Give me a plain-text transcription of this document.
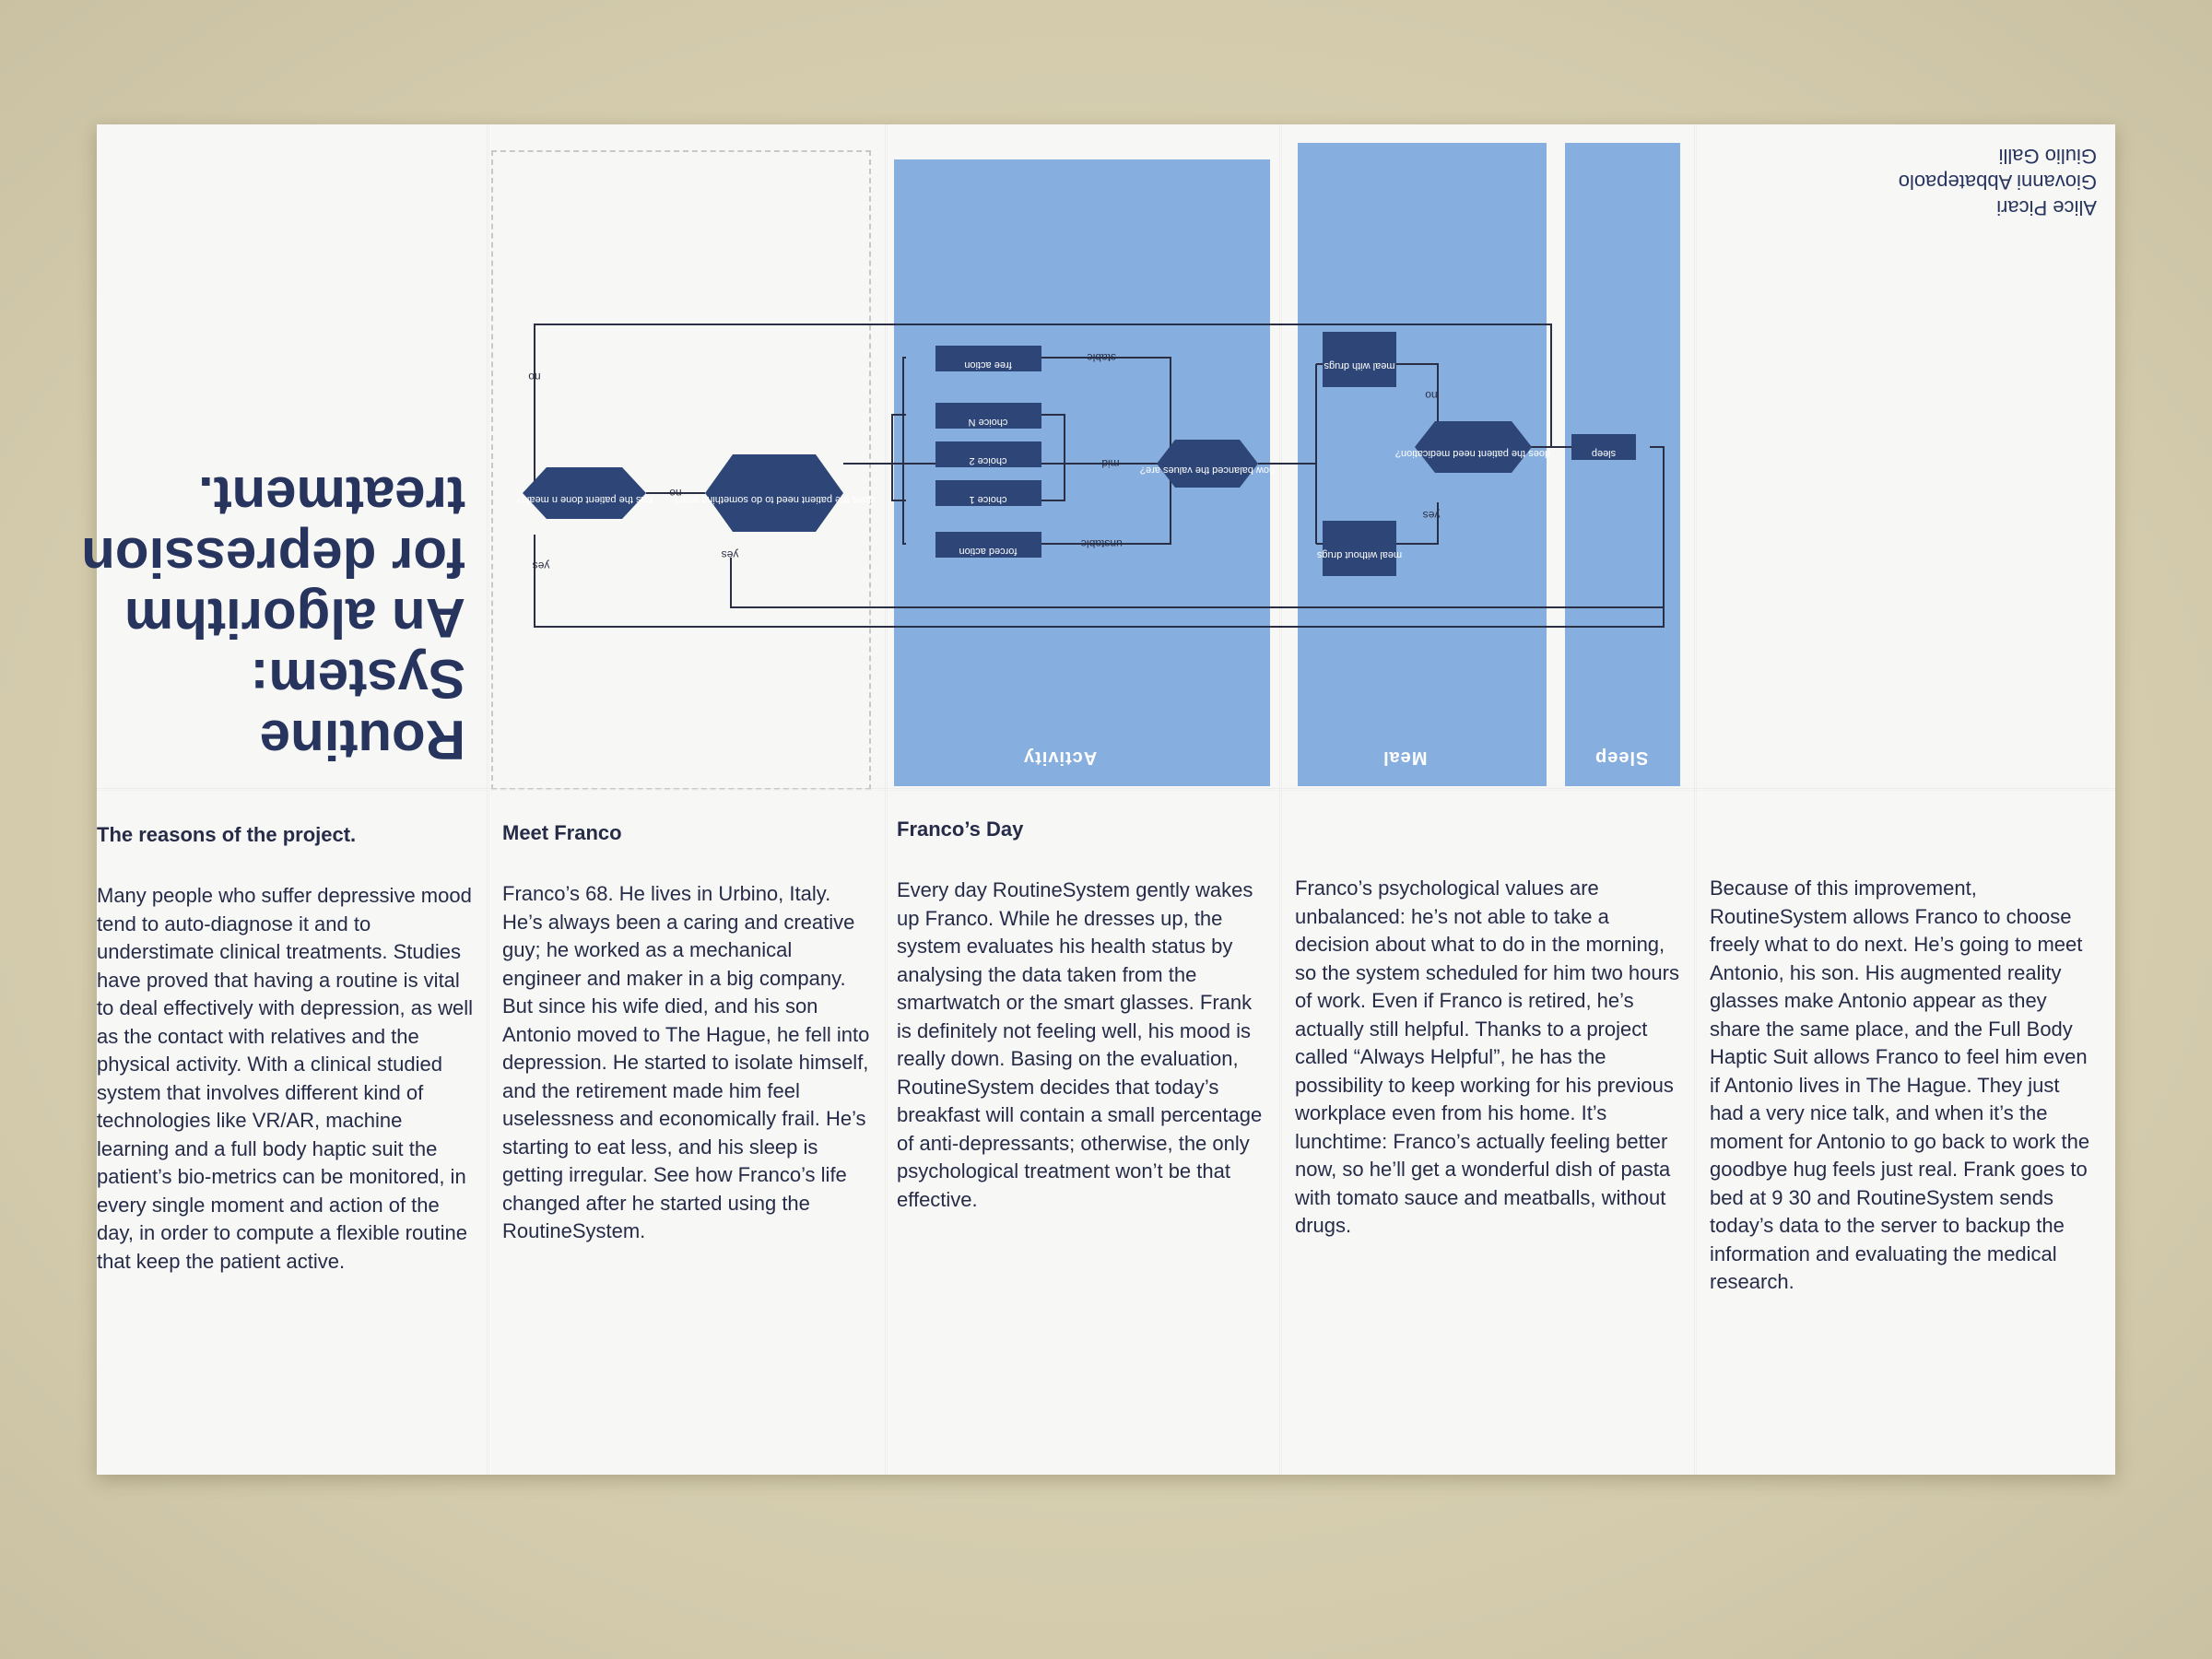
Activity	Meal	Sleep
has the patient done n meals? does the patient need to do something else?
how balanced the values are?
free action
choice N
choice 2
choice 1
forced action
does the patient need medication?
meal with drugs
meal without drugs
sleep
no
yes
no
yes
stable
mid
unstable
no
yes
Routine
System:
An algorithm
for depression
treatment.
Alice Picari
Giovanni Abbatepaolo
Giulio Galli
The reasons of the project.

Many people who suffer depressive mood tend to auto-diagnose it and to understimate clinical treatments. Studies have proved that having a routine is vital to deal effectively with depression, as well as the contact with relatives and the physical activity. With a clinical studied system that involves different kind of technologies like VR/AR, machine learning and a full body haptic suit the patient’s bio-metrics can be monitored, in every single moment and action of the day, in order to compute a flexible routine that keep the patient active.

Meet Franco

Franco’s 68. He lives in Urbino, Italy. He’s always been a caring and creative guy; he worked as a mechanical engineer and maker in a big company. But since his wife died, and his son Antonio moved to The Hague, he fell into depression. He started to isolate himself, and the retirement made him feel uselessness and economically frail. He’s starting to eat less, and his sleep is getting irregular. See how Franco’s life changed after he started using the RoutineSystem.

Franco’s Day

Every day RoutineSystem gently wakes up Franco. While he dresses up, the system evaluates his health status by analysing the data taken from the smartwatch or the smart glasses. Frank is definitely not feeling well, his mood is really down. Basing on the evaluation, RoutineSystem decides that today’s breakfast will contain a small percentage of anti-depressants; otherwise, the only psychological treatment won’t be that effective.

Franco’s psychological values are unbalanced: he’s not able to take a decision about what to do in the morning, so the system scheduled for him two hours of work. Even if Franco is retired, he’s actually still helpful. Thanks to a project called “Always Helpful”, he has the possibility to keep working for his previous workplace even from his home. It’s lunchtime: Franco’s actually feeling better now, so he’ll get a wonderful dish of pasta with tomato sauce and meatballs, without drugs.

Because of this improvement, RoutineSystem allows Franco to choose freely what to do next. He’s going to meet Antonio, his son. His augmented reality glasses make Antonio appear as they share the same place, and the Full Body Haptic Suit allows Franco to feel him even if Antonio lives in The Hague. They just had a very nice talk, and when it’s the moment for Antonio to go back to work the goodbye hug feels just real. Frank goes to bed at 9 30 and RoutineSystem sends today’s data to the server to backup the information and evaluating the medical research.
